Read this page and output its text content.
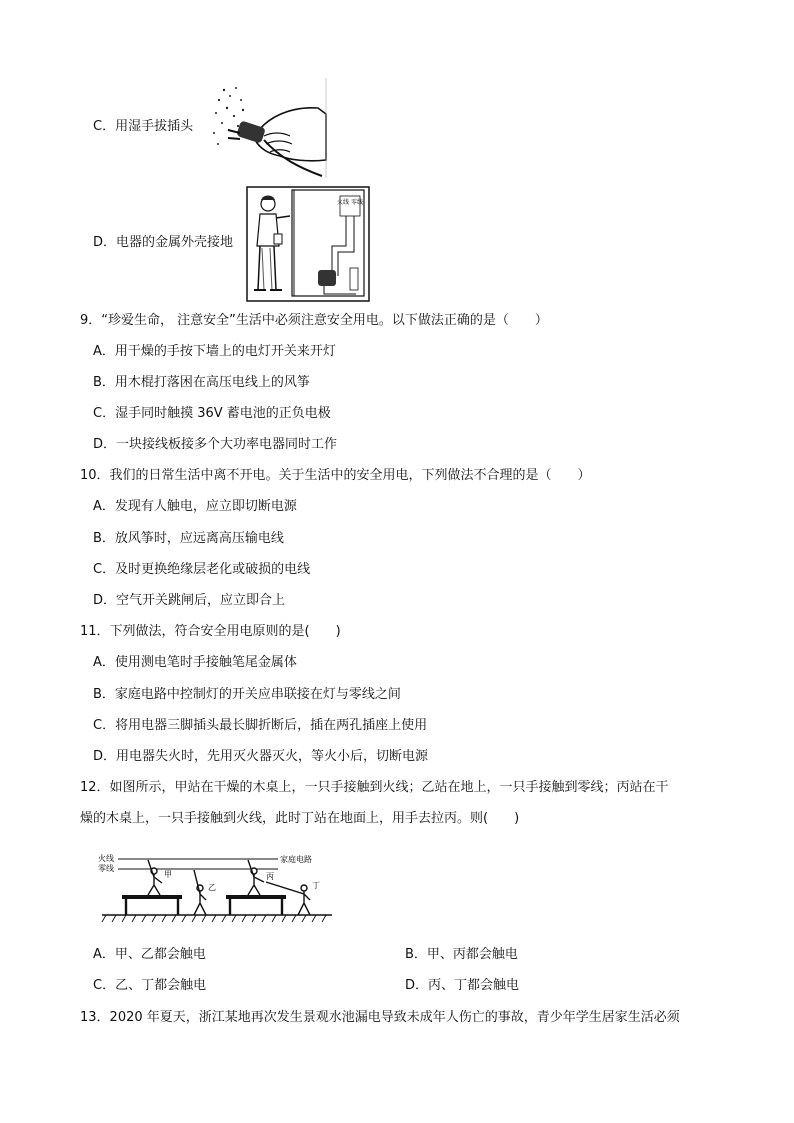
C．用湿手拔插头
D．电器的金属外壳接地
火线 零线
9．“珍爱生命， 注意安全”生活中必须注意安全用电。以下做法正确的是（　　）
A．用干燥的手按下墙上的电灯开关来开灯
B．用木棍打落困在高压电线上的风筝
C．湿手同时触摸 36V 蓄电池的正负电极
D．一块接线板接多个大功率电器同时工作
10．我们的日常生活中离不开电。关于生活中的安全用电，下列做法不合理的是（　　）
A．发现有人触电，应立即切断电源
B．放风筝时，应远离高压输电线
C．及时更换绝缘层老化或破损的电线
D．空气开关跳闸后，应立即合上
11．下列做法，符合安全用电原则的是(　　)
A．使用测电笔时手接触笔尾金属体
B．家庭电路中控制灯的开关应串联接在灯与零线之间
C．将用电器三脚插头最长脚折断后，插在两孔插座上使用
D．用电器失火时，先用灭火器灭火，等火小后，切断电源
12．如图所示，甲站在干燥的木桌上，一只手接触到火线；乙站在地上，一只手接触到零线；丙站在干
燥的木桌上，一只手接触到火线，此时丁站在地面上，用手去拉丙。则(　　)
火线
零线
家庭电路
甲
乙
丙
丁
A．甲、乙都会触电	B．甲、丙都会触电
C．乙、丁都会触电	D．丙、丁都会触电
13．2020 年夏天，浙江某地再次发生景观水池漏电导致未成年人伤亡的事故，青少年学生居家生活必须
